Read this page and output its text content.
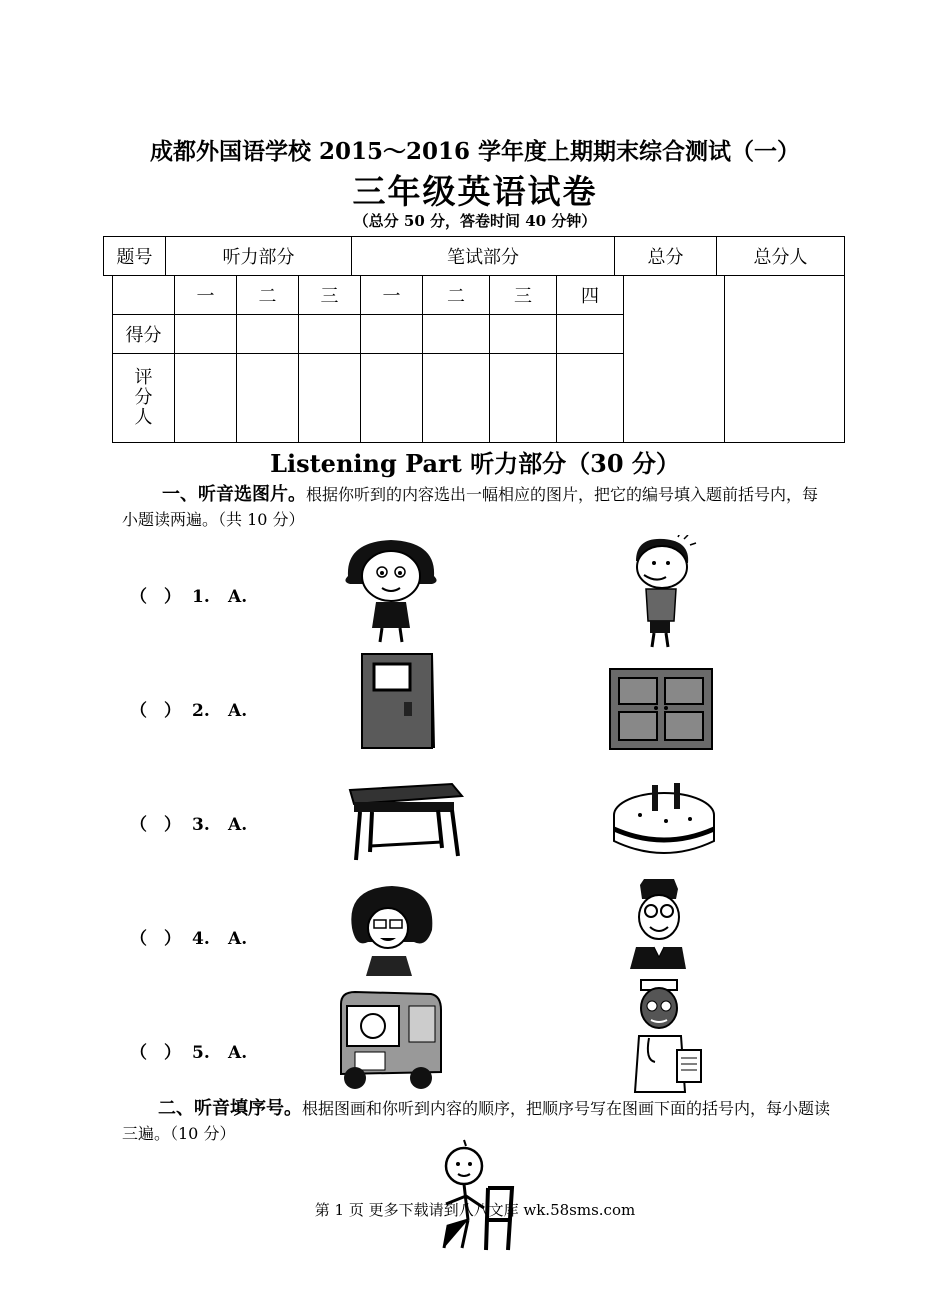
成都外国语学校 2015～2016 学年度上期期末综合测试（一）
三年级英语试卷
（总分 50 分，答卷时间 40 分钟）
题号	听力部分	笔试部分	总分	总分人
	一	二	三	一	二	三	四		
得分									

评分人									

Listening Part 听力部分（30 分）
一、听音选图片。根据你听到的内容选出一幅相应的图片，把它的编号填入题前括号内，每小题读两遍。（共 10 分）
（　） 1. A.
（　） 2. A.
（　） 3. A.
（　） 4. A.
（　） 5. A.
二、听音填序号。根据图画和你听到内容的顺序，把顺序号写在图画下面的括号内，每小题读三遍。（10 分）
第 1 页 更多下载请到八八文库 wk.58sms.com
